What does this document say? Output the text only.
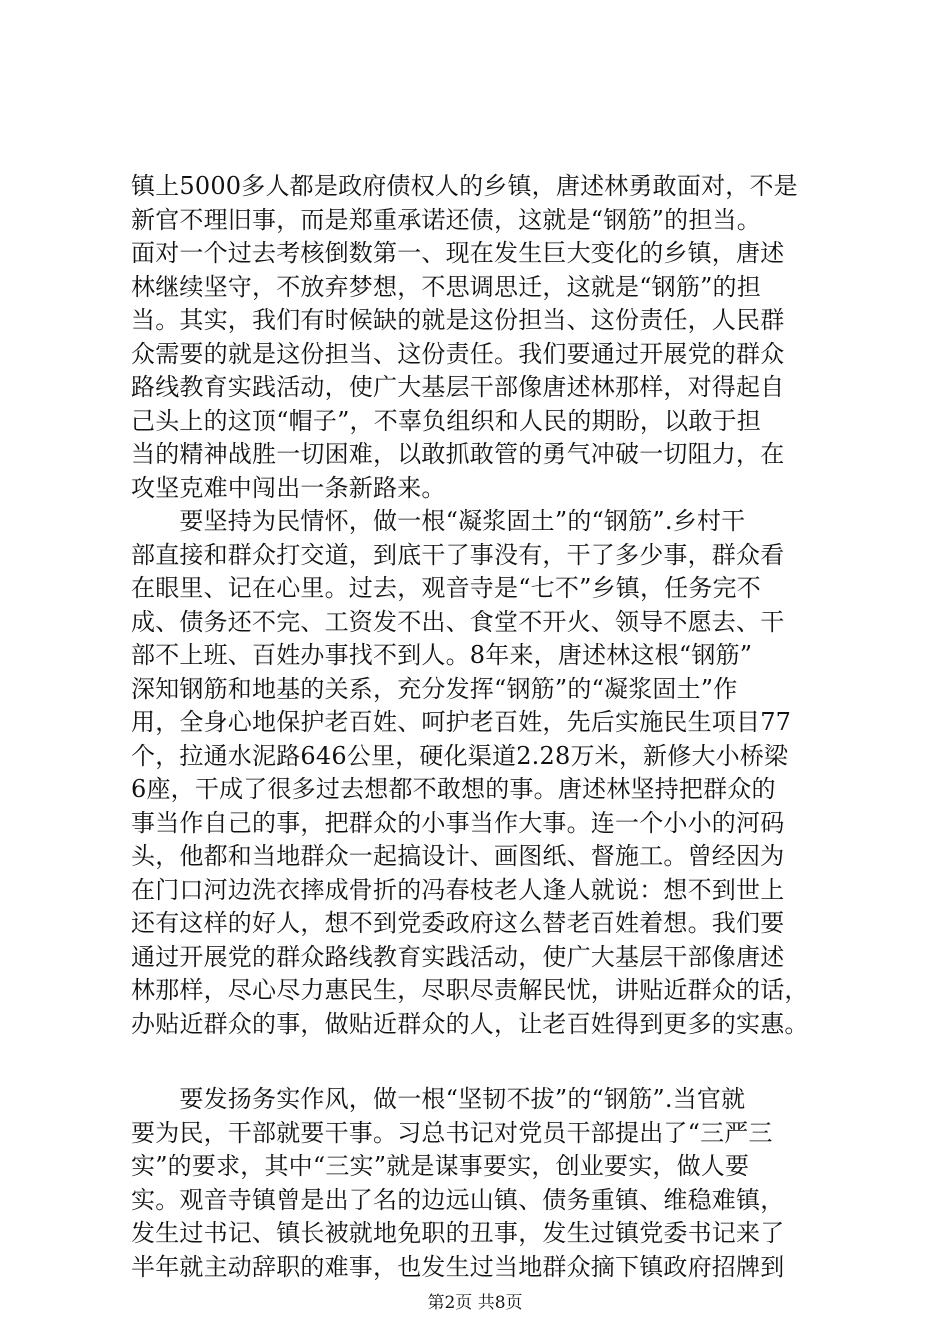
镇上5000多人都是政府债权人的乡镇，唐述林勇敢面对，不是
新官不理旧事，而是郑重承诺还债，这就是“钢筋”的担当。
面对一个过去考核倒数第一、现在发生巨大变化的乡镇，唐述
林继续坚守，不放弃梦想，不思调思迁，这就是“钢筋”的担
当。其实，我们有时候缺的就是这份担当、这份责任，人民群
众需要的就是这份担当、这份责任。我们要通过开展党的群众
路线教育实践活动，使广大基层干部像唐述林那样，对得起自
己头上的这顶“帽子”，不辜负组织和人民的期盼，以敢于担
当的精神战胜一切困难，以敢抓敢管的勇气冲破一切阻力，在
攻坚克难中闯出一条新路来。
　　要坚持为民情怀，做一根“凝浆固土”的“钢筋”.乡村干
部直接和群众打交道，到底干了事没有，干了多少事，群众看
在眼里、记在心里。过去，观音寺是“七不”乡镇，任务完不
成、债务还不完、工资发不出、食堂不开火、领导不愿去、干
部不上班、百姓办事找不到人。8年来，唐述林这根“钢筋”
深知钢筋和地基的关系，充分发挥“钢筋”的“凝浆固土”作
用，全身心地保护老百姓、呵护老百姓，先后实施民生项目77
个，拉通水泥路646公里，硬化渠道2.28万米，新修大小桥梁
6座，干成了很多过去想都不敢想的事。唐述林坚持把群众的
事当作自己的事，把群众的小事当作大事。连一个小小的河码
头，他都和当地群众一起搞设计、画图纸、督施工。曾经因为
在门口河边洗衣摔成骨折的冯春枝老人逢人就说：想不到世上
还有这样的好人，想不到党委政府这么替老百姓着想。我们要
通过开展党的群众路线教育实践活动，使广大基层干部像唐述
林那样，尽心尽力惠民生，尽职尽责解民忧，讲贴近群众的话，
办贴近群众的事，做贴近群众的人，让老百姓得到更多的实惠。
　　要发扬务实作风，做一根“坚韧不拔”的“钢筋”.当官就
要为民，干部就要干事。习总书记对党员干部提出了“三严三
实”的要求，其中“三实”就是谋事要实，创业要实，做人要
实。观音寺镇曾是出了名的边远山镇、债务重镇、维稳难镇，
发生过书记、镇长被就地免职的丑事，发生过镇党委书记来了
半年就主动辞职的难事，也发生过当地群众摘下镇政府招牌到
第2页 共8页
